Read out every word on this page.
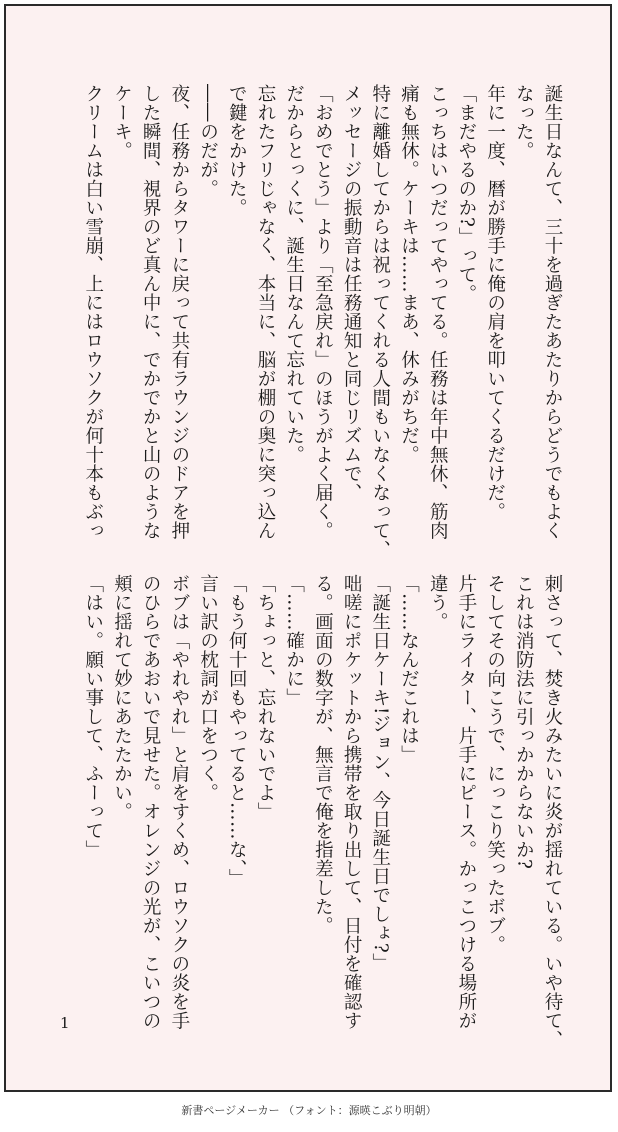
誕生日なんて、三十を過ぎたあたりからどうでもよく
なった。
年に一度、暦が勝手に俺の肩を叩いてくるだけだ。
「まだやるのか?」って。
こっちはいつだってやってる。任務は年中無休、筋肉
痛も無休。ケーキは……まあ、休みがちだ。
特に離婚してからは祝ってくれる人間もいなくなって、
メッセージの振動音は任務通知と同じリズムで、
「おめでとう」より「至急戻れ」のほうがよく届く。
だからとっくに、誕生日なんて忘れていた。
忘れたフリじゃなく、本当に、脳が棚の奥に突っ込ん
で鍵をかけた。
――のだが。
夜、任務からタワーに戻って共有ラウンジのドアを押
した瞬間、視界のど真ん中に、でかでかと山のような
ケーキ。
クリームは白い雪崩、上にはロウソクが何十本もぶっ
刺さって、焚き火みたいに炎が揺れている。いや待て、
これは消防法に引っかからないか?
そしてその向こうで、にっこり笑ったボブ。
片手にライター、片手にピース。かっこつける場所が
違う。
「……なんだこれは」
「誕生日ケーキ!ジョン、今日誕生日でしょ?」
咄嗟にポケットから携帯を取り出して、日付を確認す
る。画面の数字が、無言で俺を指差した。
「……確かに」
「ちょっと、忘れないでよ」
「もう何十回もやってると……な、」
言い訳の枕詞が口をつく。
ボブは「やれやれ」と肩をすくめ、ロウソクの炎を手
のひらであおいで見せた。オレンジの光が、こいつの
頬に揺れて妙にあたたかい。
「はい。願い事して、ふーって」
1
新書ページメーカー （フォント：源暎こぶり明朝）
